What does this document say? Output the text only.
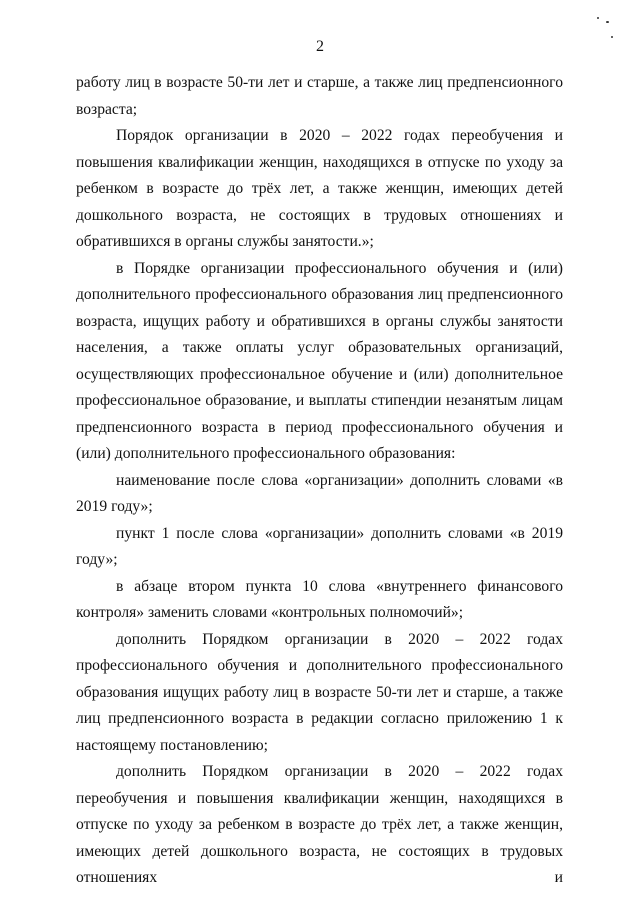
2

работу лиц в возрасте 50-ти лет и старше, а также лиц предпенсионного возраста;

Порядок организации в 2020 – 2022 годах переобучения и повышения квалификации женщин, находящихся в отпуске по уходу за ребенком в возрасте до трёх лет, а также женщин, имеющих детей дошкольного возраста, не состоящих в трудовых отношениях и обратившихся в органы службы занятости.»;

в Порядке организации профессионального обучения и (или) дополнительного профессионального образования лиц предпенсионного возраста, ищущих работу и обратившихся в органы службы занятости населения, а также оплаты услуг образовательных организаций, осуществляющих профессиональное обучение и (или) дополнительное профессиональное образование, и выплаты стипендии незанятым лицам предпенсионного возраста в период профессионального обучения и (или) дополнительного профессионального образования:

наименование после слова «организации» дополнить словами «в 2019 году»;

пункт 1 после слова «организации» дополнить словами «в 2019 году»;

в абзаце втором пункта 10 слова «внутреннего финансового контроля» заменить словами «контрольных полномочий»;

дополнить Порядком организации в 2020 – 2022 годах профессионального обучения и дополнительного профессионального образования ищущих работу лиц в возрасте 50-ти лет и старше, а также лиц предпенсионного возраста в редакции согласно приложению 1 к настоящему постановлению;

дополнить Порядком организации в 2020 – 2022 годах переобучения и повышения квалификации женщин, находящихся в отпуске по уходу за ребенком в возрасте до трёх лет, а также женщин, имеющих детей дошкольного возраста, не состоящих в трудовых отношениях и
